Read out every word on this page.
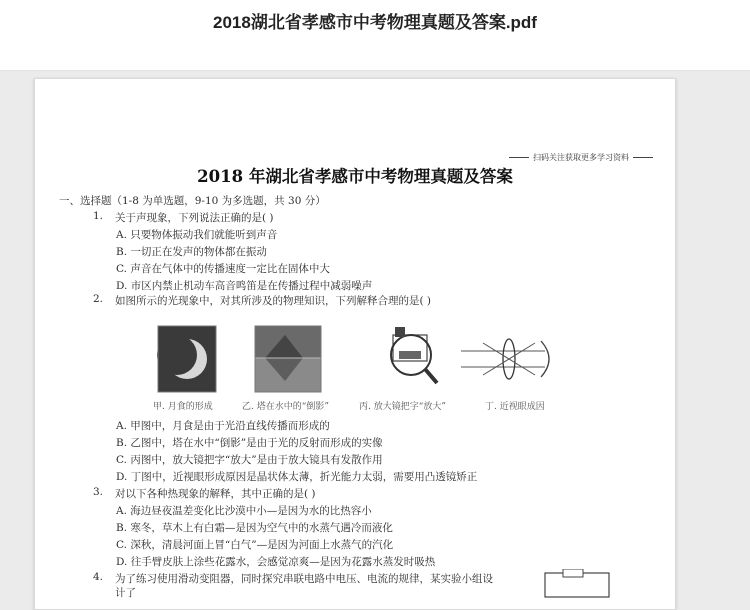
2018湖北省孝感市中考物理真题及答案.pdf
扫码关注获取更多学习资料
2018 年湖北省孝感市中考物理真题及答案
一、选择题（1-8 为单选题，9-10 为多选题，共 30 分）
1. 关于声现象，下列说法正确的是( )
A. 只要物体振动我们就能听到声音
B. 一切正在发声的物体都在振动
C. 声音在气体中的传播速度一定比在固体中大
D. 市区内禁止机动车高音鸣笛是在传播过程中减弱噪声
2. 如图所示的光现象中，对其所涉及的物理知识，下列解释合理的是( )
甲. 月食的形成	乙. 塔在水中的“倒影”	丙. 放大镜把字“放大”	丁. 近视眼成因
A. 甲图中，月食是由于光沿直线传播而形成的
B. 乙图中，塔在水中“倒影”是由于光的反射而形成的实像
C. 丙图中，放大镜把字“放大”是由于放大镜具有发散作用
D. 丁图中，近视眼形成原因是晶状体太薄，折光能力太弱，需要用凸透镜矫正
3. 对以下各种热现象的解释，其中正确的是( )
A. 海边昼夜温差变化比沙漠中小—是因为水的比热容小
B. 寒冬，草木上有白霜—是因为空气中的水蒸气遇冷而液化
C. 深秋，清晨河面上冒“白气”—是因为河面上水蒸气的汽化
D. 往手臂皮肤上涂些花露水，会感觉凉爽—是因为花露水蒸发时吸热
4. 为了练习使用滑动变阻器，同时探究串联电路中电压、电流的规律，某实验小组设
计了
